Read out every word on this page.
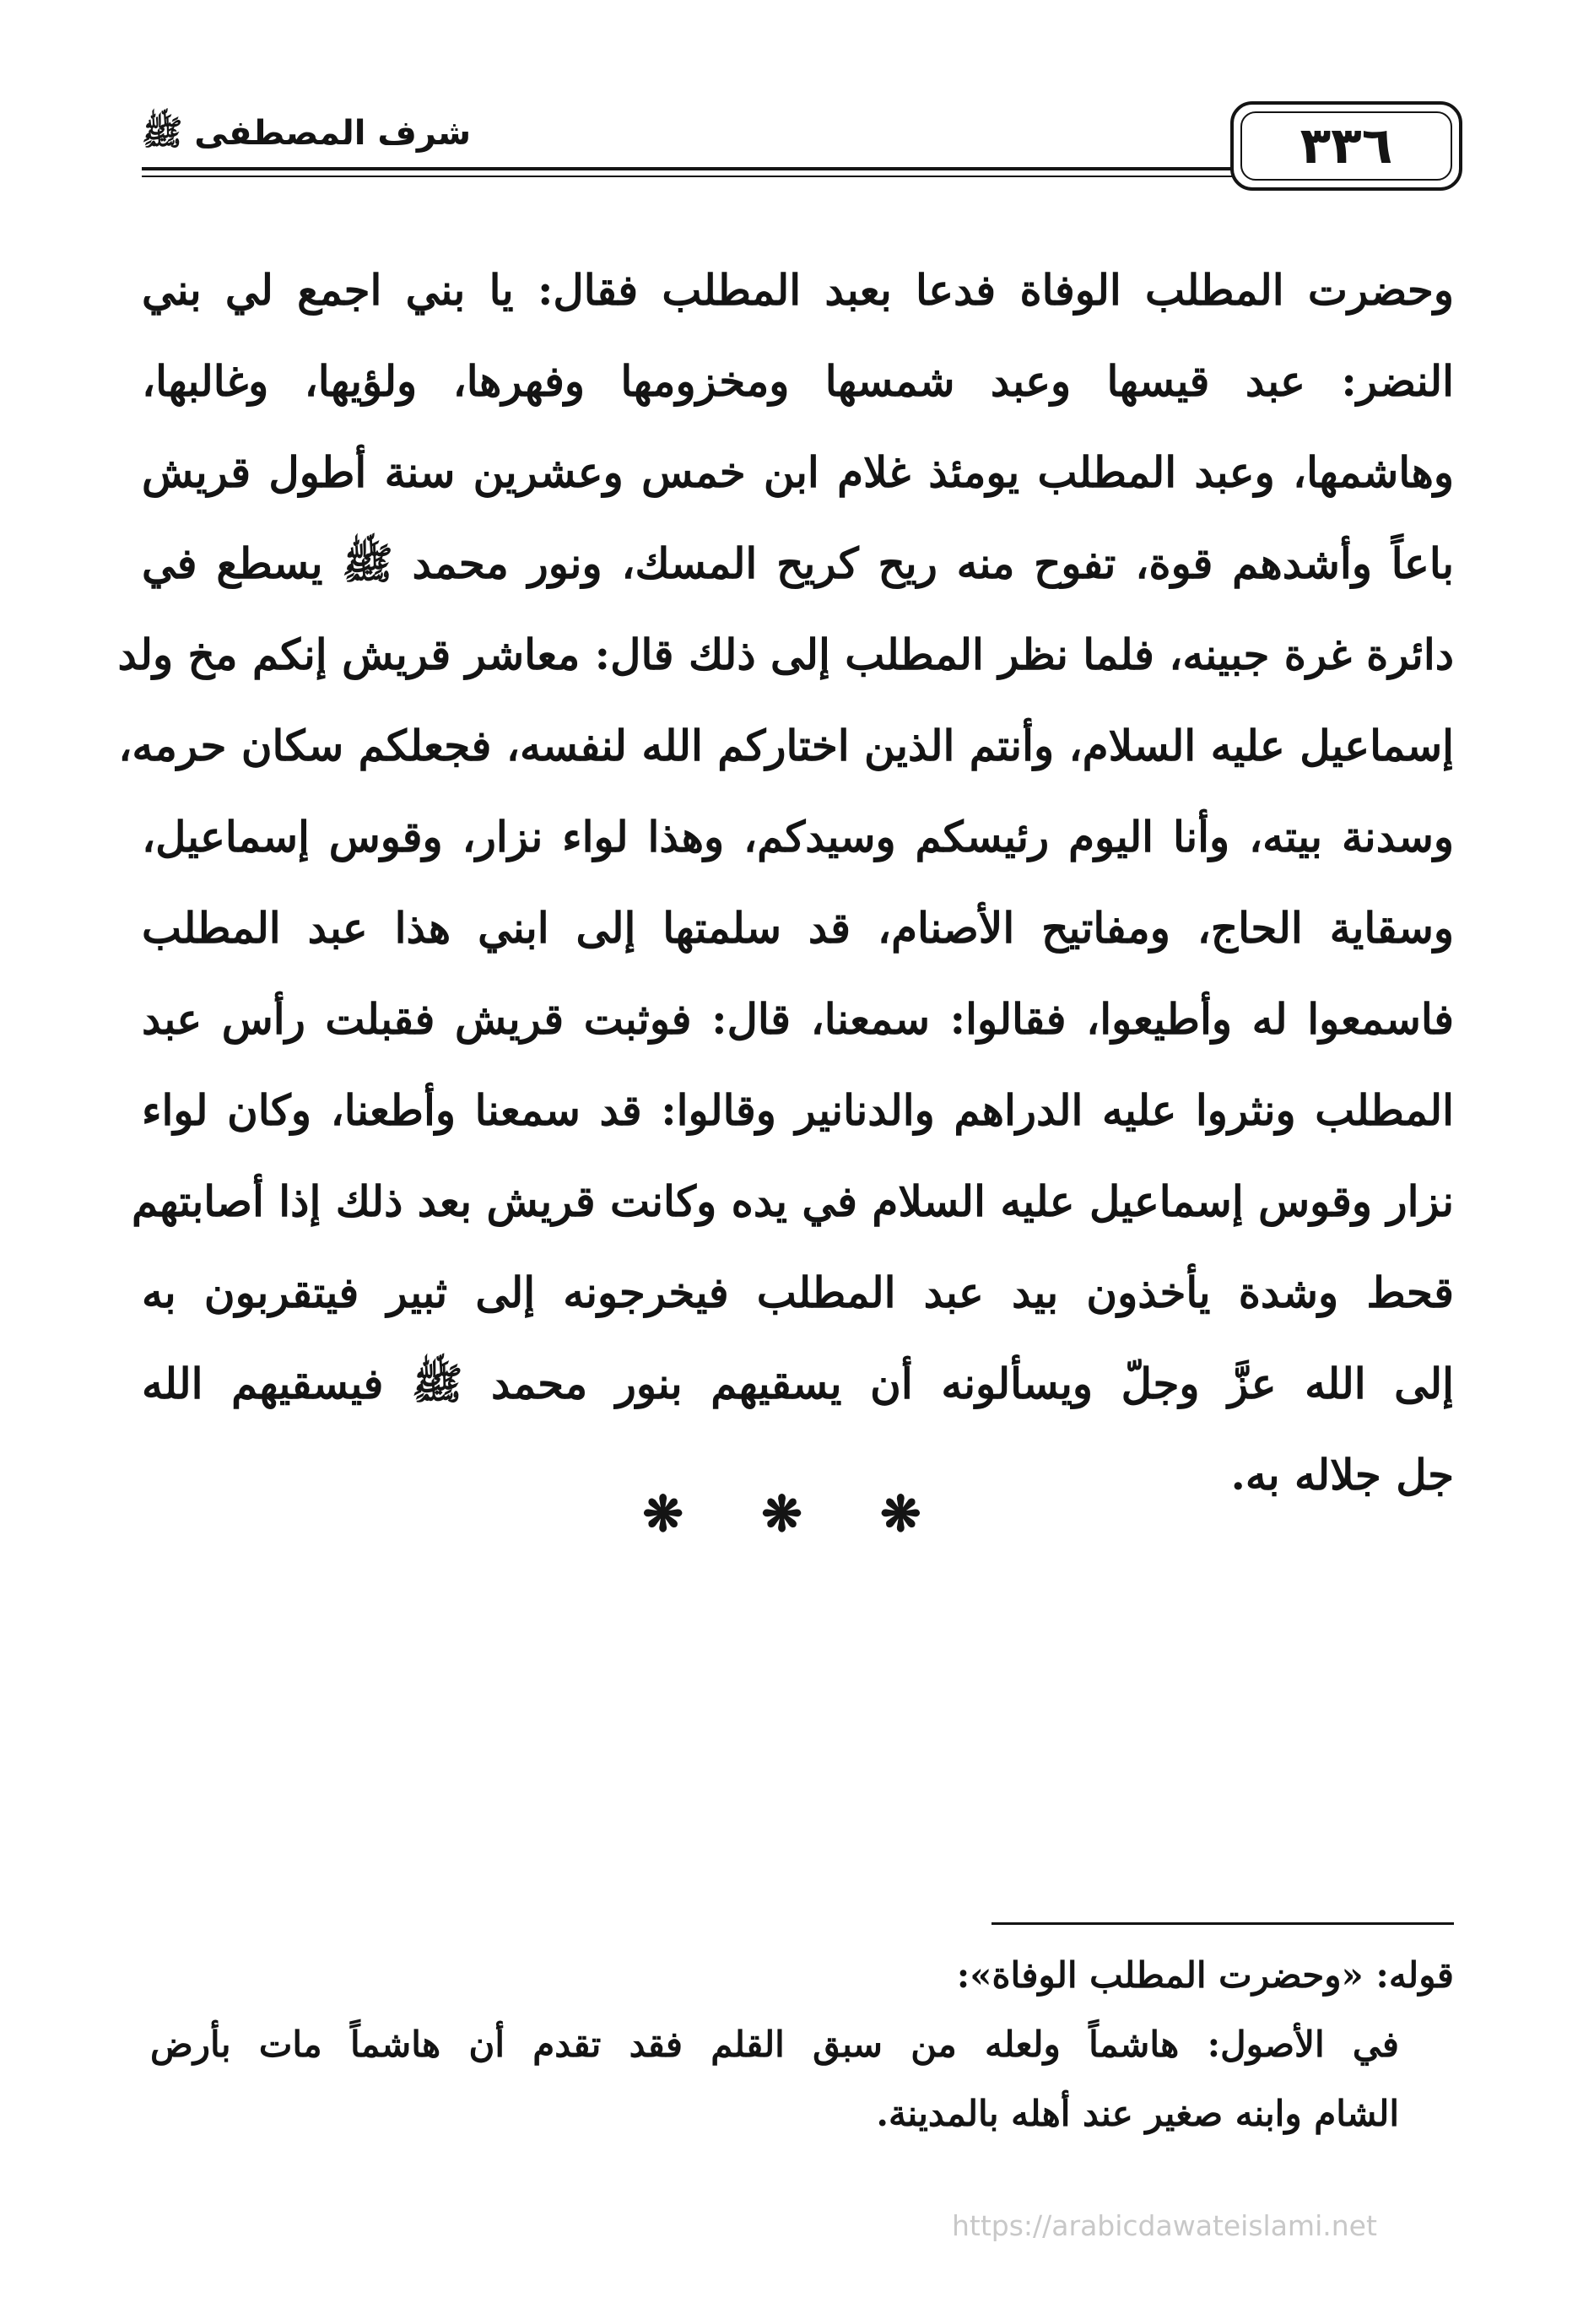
شرف المصطفى ﷺ	٣٣٦
وحضرت المطلب الوفاة فدعا بعبد المطلب فقال: يا بني اجمع لي بني
النضر: عبد قيسها وعبد شمسها ومخزومها وفهرها، ولؤيها، وغالبها،
وهاشمها، وعبد المطلب يومئذ غلام ابن خمس وعشرين سنة أطول قريش
باعاً وأشدهم قوة، تفوح منه ريح كريح المسك، ونور محمد ﷺ يسطع في
دائرة غرة جبينه، فلما نظر المطلب إلى ذلك قال: معاشر قريش إنكم مخ ولد
إسماعيل عليه السلام، وأنتم الذين اختاركم الله لنفسه، فجعلكم سكان حرمه،
وسدنة بيته، وأنا اليوم رئيسكم وسيدكم، وهذا لواء نزار، وقوس إسماعيل،
وسقاية الحاج، ومفاتيح الأصنام، قد سلمتها إلى ابني هذا عبد المطلب
فاسمعوا له وأطيعوا، فقالوا: سمعنا، قال: فوثبت قريش فقبلت رأس عبد
المطلب ونثروا عليه الدراهم والدنانير وقالوا: قد سمعنا وأطعنا، وكان لواء
نزار وقوس إسماعيل عليه السلام في يده وكانت قريش بعد ذلك إذا أصابتهم
قحط وشدة يأخذون بيد عبد المطلب فيخرجونه إلى ثبير فيتقربون به
إلى الله عزَّ وجلّ ويسألونه أن يسقيهم بنور محمد ﷺ فيسقيهم الله
جل جلاله به.
❋ ❋ ❋
قوله: «وحضرت المطلب الوفاة»:
في الأصول: هاشماً ولعله من سبق القلم فقد تقدم أن هاشماً مات بأرض
الشام وابنه صغير عند أهله بالمدينة.
https://arabicdawateislami.net
